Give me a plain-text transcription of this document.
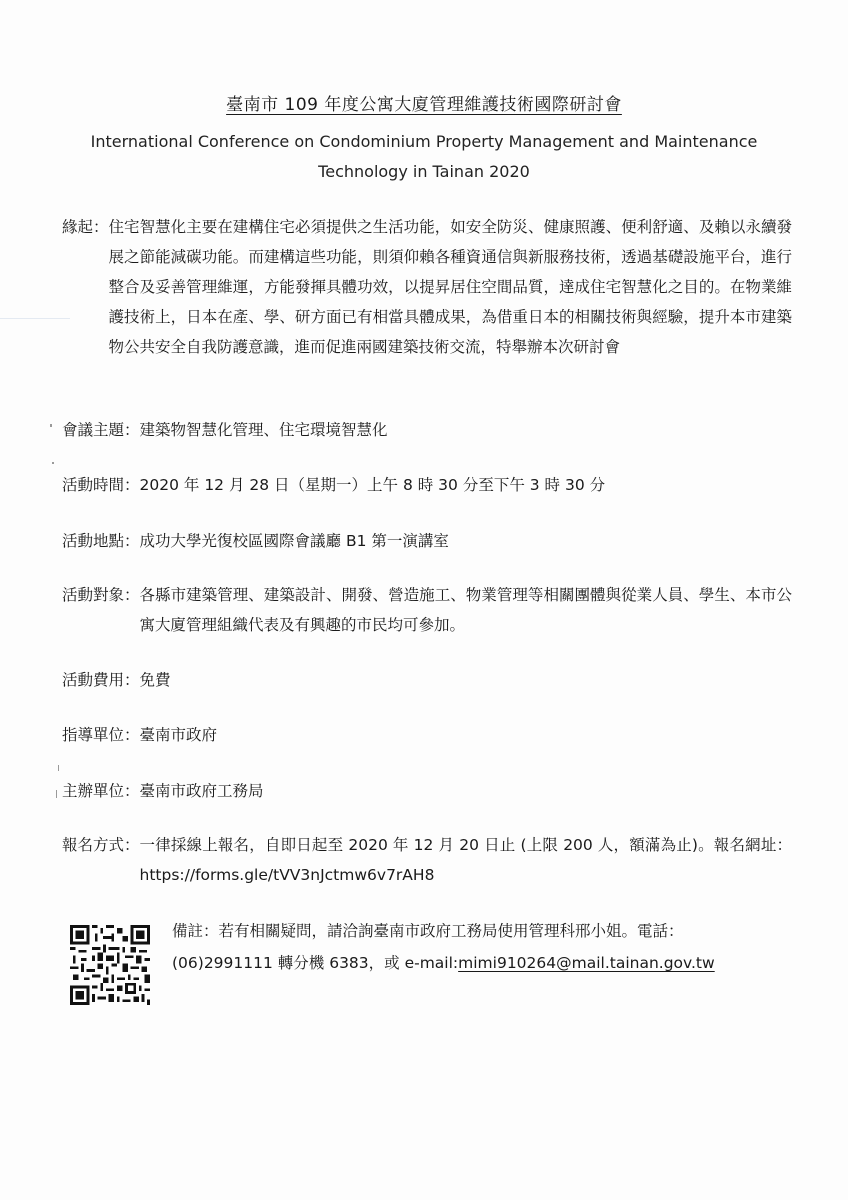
臺南市 109 年度公寓大廈管理維護技術國際研討會
International Conference on Condominium Property Management and Maintenance Technology in Tainan 2020
緣起： 住宅智慧化主要在建構住宅必須提供之生活功能，如安全防災、健康照護、便利舒適、及賴以永續發展之節能減碳功能。而建構這些功能，則須仰賴各種資通信與新服務技術，透過基礎設施平台，進行整合及妥善管理維運，方能發揮具體功效，以提昇居住空間品質，達成住宅智慧化之目的。在物業維護技術上，日本在產、學、研方面已有相當具體成果，為借重日本的相關技術與經驗，提升本市建築物公共安全自我防護意識，進而促進兩國建築技術交流，特舉辦本次研討會
會議主題： 建築物智慧化管理、住宅環境智慧化
活動時間： 2020 年 12 月 28 日（星期一）上午 8 時 30 分至下午 3 時 30 分
活動地點： 成功大學光復校區國際會議廳 B1 第一演講室
活動對象： 各縣市建築管理、建築設計、開發、營造施工、物業管理等相關團體與從業人員、學生、本市公寓大廈管理組織代表及有興趣的市民均可參加。
活動費用： 免費
指導單位： 臺南市政府
主辦單位： 臺南市政府工務局
報名方式： 一律採線上報名，自即日起至 2020 年 12 月 20 日止 (上限 200 人，額滿為止)。報名網址：https://forms.gle/tVV3nJctmw6v7rAH8
備註：若有相關疑問，請洽詢臺南市政府工務局使用管理科邢小姐。電話：(06)2991111 轉分機 6383，或 e-mail:mimi910264@mail.tainan.gov.tw
